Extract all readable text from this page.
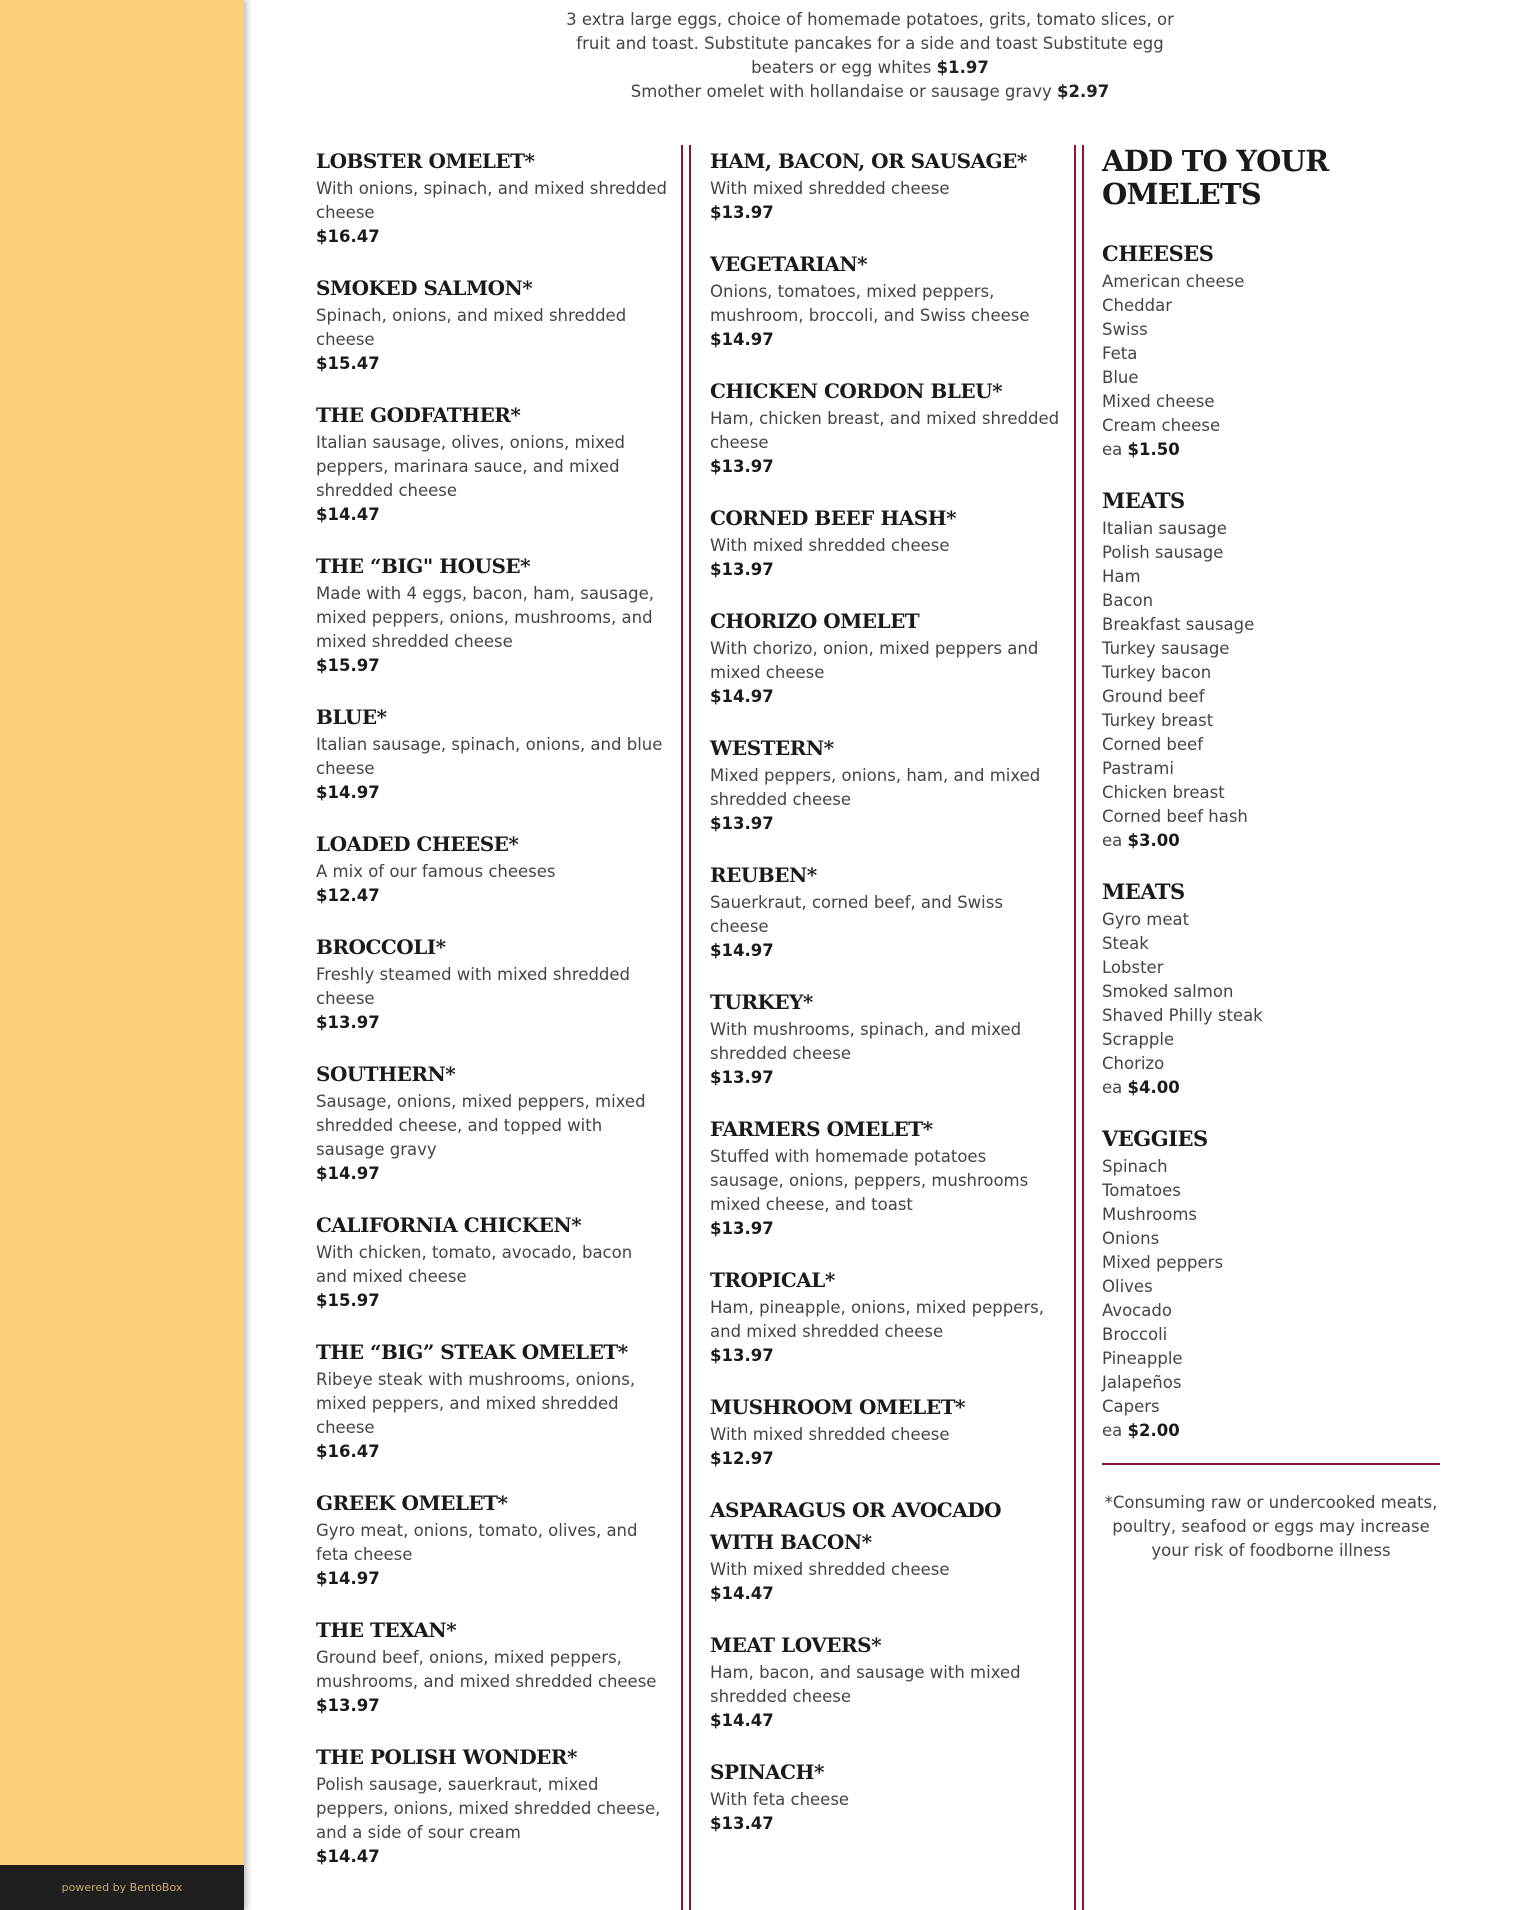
powered by BentoBox
3 extra large eggs, choice of homemade potatoes, grits, tomato slices, or
fruit and toast. Substitute pancakes for a side and toast Substitute egg
beaters or egg whites $1.97
Smother omelet with hollandaise or sausage gravy $2.97
LOBSTER OMELET*
With onions, spinach, and mixed shredded cheese
$16.47
SMOKED SALMON*
Spinach, onions, and mixed shredded cheese
$15.47
THE GODFATHER*
Italian sausage, olives, onions, mixed peppers, marinara sauce, and mixed shredded cheese
$14.47
THE “BIG" HOUSE*
Made with 4 eggs, bacon, ham, sausage, mixed peppers, onions, mushrooms, and mixed shredded cheese
$15.97
BLUE*
Italian sausage, spinach, onions, and blue cheese
$14.97
LOADED CHEESE*
A mix of our famous cheeses
$12.47
BROCCOLI*
Freshly steamed with mixed shredded cheese
$13.97
SOUTHERN*
Sausage, onions, mixed peppers, mixed shredded cheese, and topped with sausage gravy
$14.97
CALIFORNIA CHICKEN*
With chicken, tomato, avocado, bacon and mixed cheese
$15.97
THE “BIG” STEAK OMELET*
Ribeye steak with mushrooms, onions, mixed peppers, and mixed shredded cheese
$16.47
GREEK OMELET*
Gyro meat, onions, tomato, olives, and feta cheese
$14.97
THE TEXAN*
Ground beef, onions, mixed peppers, mushrooms, and mixed shredded cheese
$13.97
THE POLISH WONDER*
Polish sausage, sauerkraut, mixed peppers, onions, mixed shredded cheese, and a side of sour cream
$14.47
HAM, BACON, OR SAUSAGE*
With mixed shredded cheese
$13.97
VEGETARIAN*
Onions, tomatoes, mixed peppers, mushroom, broccoli, and Swiss cheese
$14.97
CHICKEN CORDON BLEU*
Ham, chicken breast, and mixed shredded cheese
$13.97
CORNED BEEF HASH*
With mixed shredded cheese
$13.97
CHORIZO OMELET
With chorizo, onion, mixed peppers and mixed cheese
$14.97
WESTERN*
Mixed peppers, onions, ham, and mixed shredded cheese
$13.97
REUBEN*
Sauerkraut, corned beef, and Swiss cheese
$14.97
TURKEY*
With mushrooms, spinach, and mixed shredded cheese
$13.97
FARMERS OMELET*
Stuffed with homemade potatoes sausage, onions, peppers, mushrooms mixed cheese, and toast
$13.97
TROPICAL*
Ham, pineapple, onions, mixed peppers, and mixed shredded cheese
$13.97
MUSHROOM OMELET*
With mixed shredded cheese
$12.97
ASPARAGUS OR AVOCADO WITH BACON*
With mixed shredded cheese
$14.47
MEAT LOVERS*
Ham, bacon, and sausage with mixed shredded cheese
$14.47
SPINACH*
With feta cheese
$13.47
ADD TO YOUR OMELETS
CHEESES
American cheese
Cheddar
Swiss
Feta
Blue
Mixed cheese
Cream cheese
ea $1.50
MEATS
Italian sausage
Polish sausage
Ham
Bacon
Breakfast sausage
Turkey sausage
Turkey bacon
Ground beef
Turkey breast
Corned beef
Pastrami
Chicken breast
Corned beef hash
ea $3.00
MEATS
Gyro meat
Steak
Lobster
Smoked salmon
Shaved Philly steak
Scrapple
Chorizo
ea $4.00
VEGGIES
Spinach
Tomatoes
Mushrooms
Onions
Mixed peppers
Olives
Avocado
Broccoli
Pineapple
Jalapeños
Capers
ea $2.00
*Consuming raw or undercooked meats, poultry, seafood or eggs may increase your risk of foodborne illness
